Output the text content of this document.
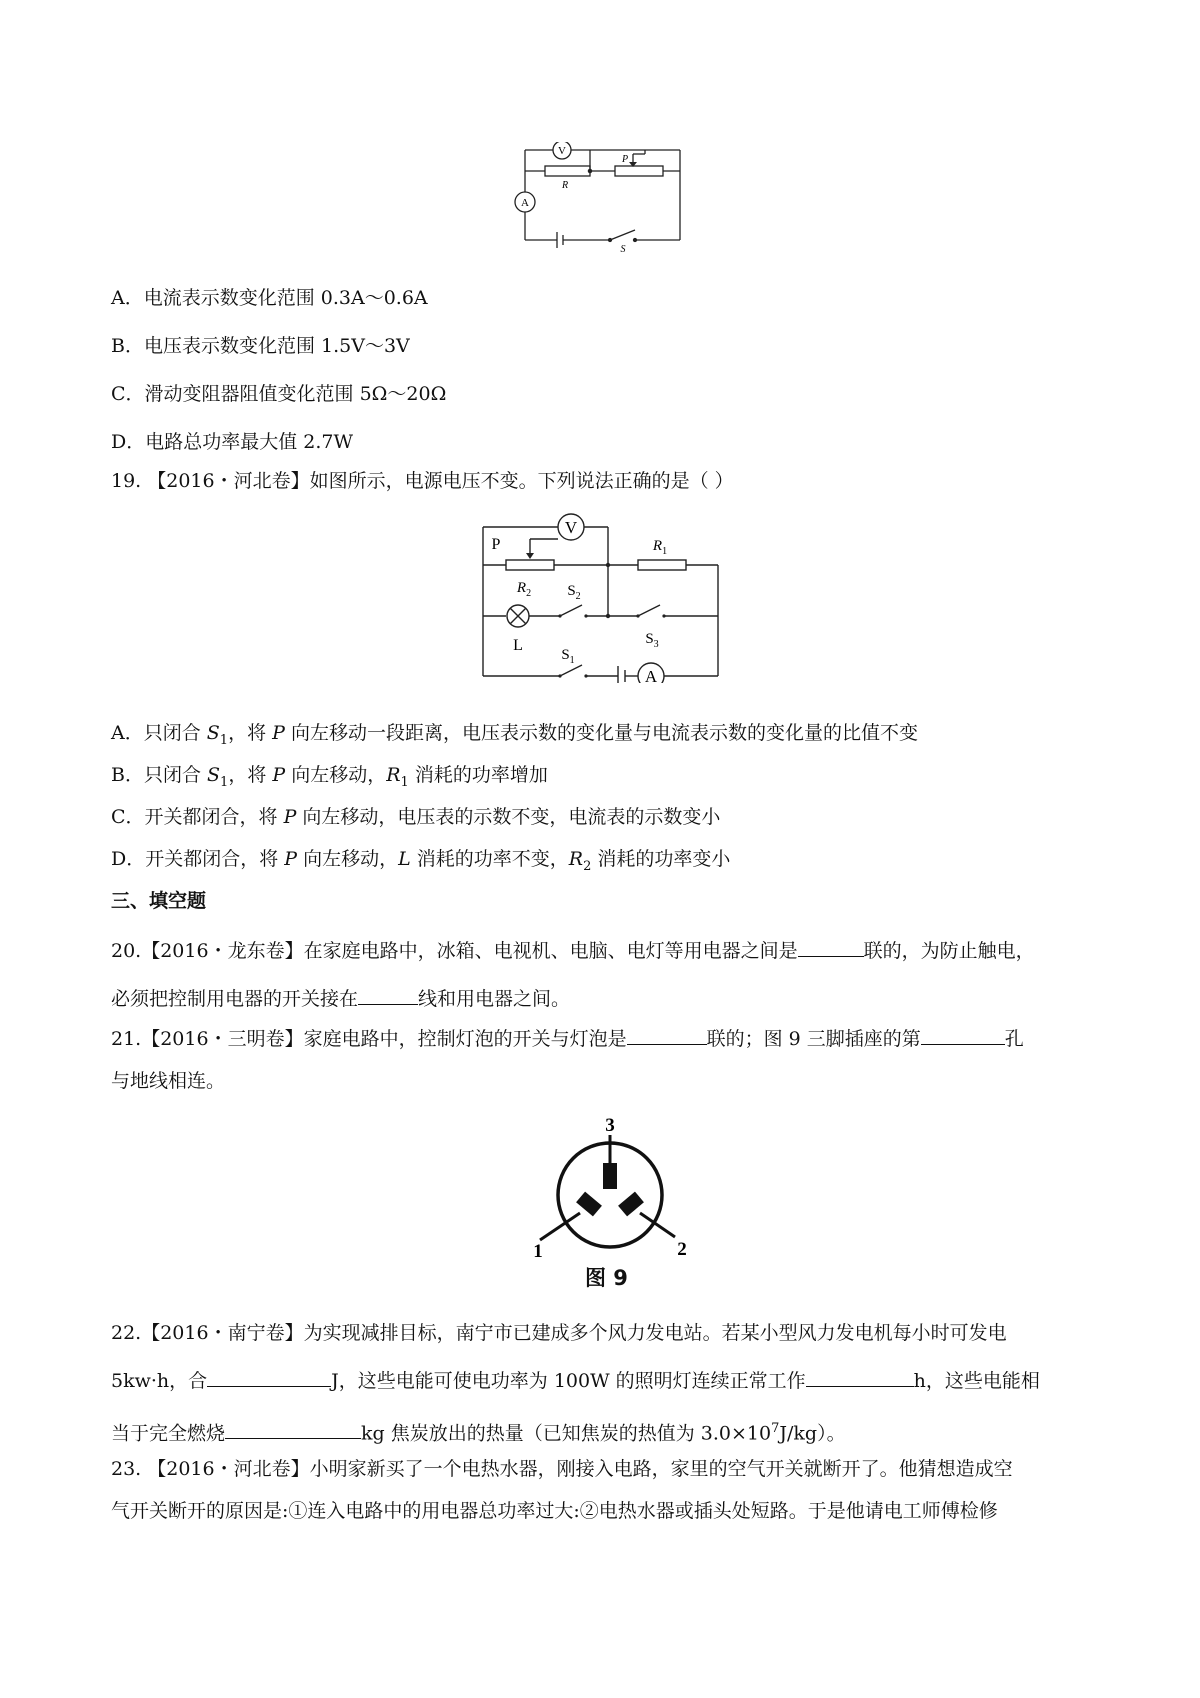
V
A
R
P
S

A．电流表示数变化范围 0.3A～0.6A

B．电压表示数变化范围 1.5V～3V

C．滑动变阻器阻值变化范围 5Ω～20Ω

D．电路总功率最大值 2.7W

19. 【2016・河北卷】如图所示，电源电压不变。下列说法正确的是（ ）

V
A
P
$R_2$
$R_1$
L
$S_2$
$S_3$
$S_1$

A．只闭合 $S_1$，将 P 向左移动一段距离，电压表示数的变化量与电流表示数的变化量的比值不变

B．只闭合 $S_1$，将 P 向左移动，$R_1$ 消耗的功率增加

C．开关都闭合，将 P 向左移动，电压表的示数不变，电流表的示数变小

D．开关都闭合，将 P 向左移动，L 消耗的功率不变，$R_2$ 消耗的功率变小

三、填空题

20.【2016・龙东卷】在家庭电路中，冰箱、电视机、电脑、电灯等用电器之间是	联的，为防止触电，

必须把控制用电器的开关接在	线和用电器之间。

21.【2016・三明卷】家庭电路中，控制灯泡的开关与灯泡是	联的；图 9 三脚插座的第	孔

与地线相连。

3
1	2

图 9

22.【2016・南宁卷】为实现减排目标，南宁市已建成多个风力发电站。若某小型风力发电机每小时可发电

5kw·h，合	J，这些电能可使电功率为 100W 的照明灯连续正常工作	h，这些电能相

当于完全燃烧	kg 焦炭放出的热量（已知焦炭的热值为 $3.0\times 10^7J/kg$）。

23. 【2016・河北卷】小明家新买了一个电热水器，刚接入电路，家里的空气开关就断开了。他猜想造成空

气开关断开的原因是:①连入电路中的用电器总功率过大:②电热水器或插头处短路。于是他请电工师傅检修
